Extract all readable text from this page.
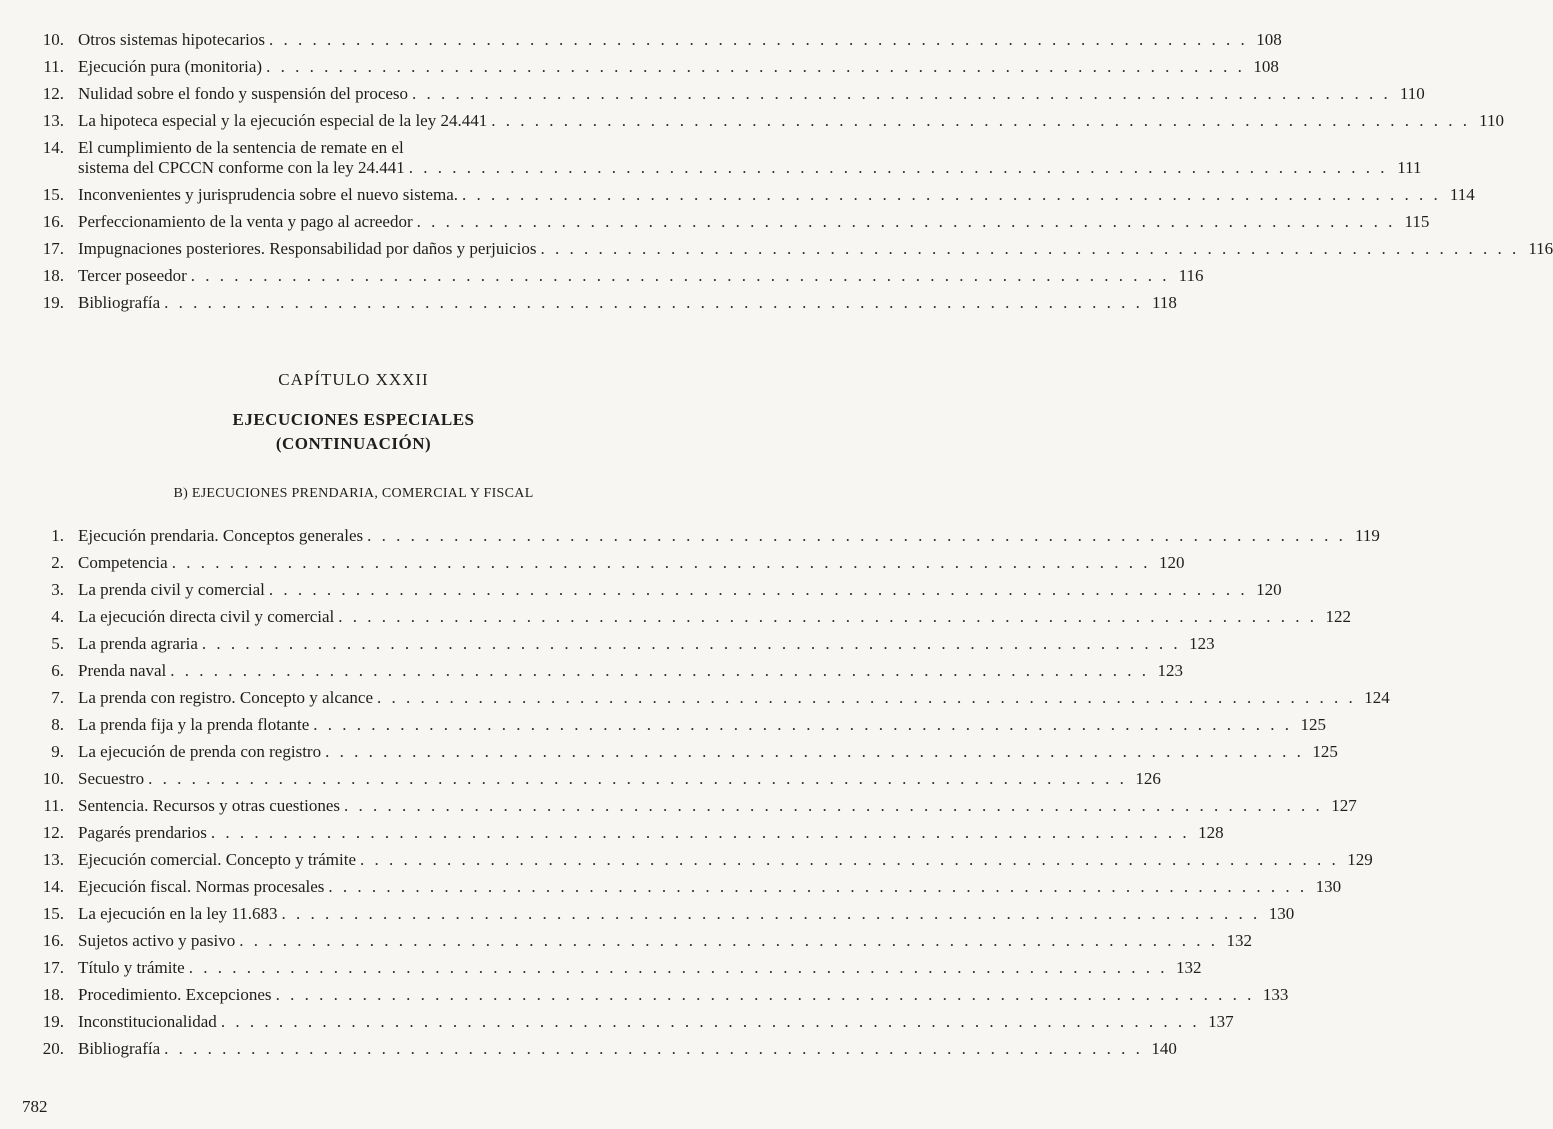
10. Otros sistemas hipotecarios . . . . . . . . . . . . . . . . . . . . . . . . . . . . . . . . . . . . . . . . . . . . . . . . . . . . . . . . . . . . . . . . . . . . 108
11. Ejecución pura (monitoria) . . . . . . . . . . . . . . . . . . . . . . . . . . . . . . . . . . . . . . . . . . . . . . . . . . . . . . . . . . . . . . . . . . . . 108
12. Nulidad sobre el fondo y suspensión del proceso . . . . . . . . . . . . . . . . . . . . . . . . . . . . . . . . . . . . . . . . . . . . . . . . . . . . . . . . . . . . . . . . . . . . 110
13. La hipoteca especial y la ejecución especial de la ley 24.441 . . . . . . . . . . . . . . . . . . . . . . . . . . . . . . . . . . . . . . . . . . . . . . . . . . . . . . . . . . . . . . . . . . . . 110
14. El cumplimiento de la sentencia de remate en el
sistema del CPCCN conforme con la ley 24.441 . . . . . . . . . . . . . . . . . . . . . . . . . . . . . . . . . . . . . . . . . . . . . . . . . . . . . . . . . . . . . . . . . . . . 111
15. Inconvenientes y jurisprudencia sobre el nuevo sistema. . . . . . . . . . . . . . . . . . . . . . . . . . . . . . . . . . . . . . . . . . . . . . . . . . . . . . . . . . . . . . . . . . . . . 114
16. Perfeccionamiento de la venta y pago al acreedor . . . . . . . . . . . . . . . . . . . . . . . . . . . . . . . . . . . . . . . . . . . . . . . . . . . . . . . . . . . . . . . . . . . . 115
17. Impugnaciones posteriores. Responsabilidad por daños y perjuicios . . . . . . . . . . . . . . . . . . . . . . . . . . . . . . . . . . . . . . . . . . . . . . . . . . . . . . . . . . . . . . . . . . . . 116
18. Tercer poseedor . . . . . . . . . . . . . . . . . . . . . . . . . . . . . . . . . . . . . . . . . . . . . . . . . . . . . . . . . . . . . . . . . . . . 116
19. Bibliografía . . . . . . . . . . . . . . . . . . . . . . . . . . . . . . . . . . . . . . . . . . . . . . . . . . . . . . . . . . . . . . . . . . . . 118
CAPÍTULO XXXII
EJECUCIONES ESPECIALES
(CONTINUACIÓN)
B) EJECUCIONES PRENDARIA, COMERCIAL Y FISCAL
1. Ejecución prendaria. Conceptos generales . . . . . . . . . . . . . . . . . . . . . . . . . . . . . . . . . . . . . . . . . . . . . . . . . . . . . . . . . . . . . . . . . . . . 119
2. Competencia . . . . . . . . . . . . . . . . . . . . . . . . . . . . . . . . . . . . . . . . . . . . . . . . . . . . . . . . . . . . . . . . . . . . 120
3. La prenda civil y comercial . . . . . . . . . . . . . . . . . . . . . . . . . . . . . . . . . . . . . . . . . . . . . . . . . . . . . . . . . . . . . . . . . . . . 120
4. La ejecución directa civil y comercial . . . . . . . . . . . . . . . . . . . . . . . . . . . . . . . . . . . . . . . . . . . . . . . . . . . . . . . . . . . . . . . . . . . . 122
5. La prenda agraria . . . . . . . . . . . . . . . . . . . . . . . . . . . . . . . . . . . . . . . . . . . . . . . . . . . . . . . . . . . . . . . . . . . . 123
6. Prenda naval . . . . . . . . . . . . . . . . . . . . . . . . . . . . . . . . . . . . . . . . . . . . . . . . . . . . . . . . . . . . . . . . . . . . 123
7. La prenda con registro. Concepto y alcance . . . . . . . . . . . . . . . . . . . . . . . . . . . . . . . . . . . . . . . . . . . . . . . . . . . . . . . . . . . . . . . . . . . . 124
8. La prenda fija y la prenda flotante . . . . . . . . . . . . . . . . . . . . . . . . . . . . . . . . . . . . . . . . . . . . . . . . . . . . . . . . . . . . . . . . . . . . 125
9. La ejecución de prenda con registro . . . . . . . . . . . . . . . . . . . . . . . . . . . . . . . . . . . . . . . . . . . . . . . . . . . . . . . . . . . . . . . . . . . . 125
10. Secuestro . . . . . . . . . . . . . . . . . . . . . . . . . . . . . . . . . . . . . . . . . . . . . . . . . . . . . . . . . . . . . . . . . . . . 126
11. Sentencia. Recursos y otras cuestiones . . . . . . . . . . . . . . . . . . . . . . . . . . . . . . . . . . . . . . . . . . . . . . . . . . . . . . . . . . . . . . . . . . . . 127
12. Pagarés prendarios . . . . . . . . . . . . . . . . . . . . . . . . . . . . . . . . . . . . . . . . . . . . . . . . . . . . . . . . . . . . . . . . . . . . 128
13. Ejecución comercial. Concepto y trámite . . . . . . . . . . . . . . . . . . . . . . . . . . . . . . . . . . . . . . . . . . . . . . . . . . . . . . . . . . . . . . . . . . . . 129
14. Ejecución fiscal. Normas procesales . . . . . . . . . . . . . . . . . . . . . . . . . . . . . . . . . . . . . . . . . . . . . . . . . . . . . . . . . . . . . . . . . . . . 130
15. La ejecución en la ley 11.683 . . . . . . . . . . . . . . . . . . . . . . . . . . . . . . . . . . . . . . . . . . . . . . . . . . . . . . . . . . . . . . . . . . . . 130
16. Sujetos activo y pasivo . . . . . . . . . . . . . . . . . . . . . . . . . . . . . . . . . . . . . . . . . . . . . . . . . . . . . . . . . . . . . . . . . . . . 132
17. Título y trámite . . . . . . . . . . . . . . . . . . . . . . . . . . . . . . . . . . . . . . . . . . . . . . . . . . . . . . . . . . . . . . . . . . . . 132
18. Procedimiento. Excepciones . . . . . . . . . . . . . . . . . . . . . . . . . . . . . . . . . . . . . . . . . . . . . . . . . . . . . . . . . . . . . . . . . . . . 133
19. Inconstitucionalidad . . . . . . . . . . . . . . . . . . . . . . . . . . . . . . . . . . . . . . . . . . . . . . . . . . . . . . . . . . . . . . . . . . . . 137
20. Bibliografía . . . . . . . . . . . . . . . . . . . . . . . . . . . . . . . . . . . . . . . . . . . . . . . . . . . . . . . . . . . . . . . . . . . . 140
782
